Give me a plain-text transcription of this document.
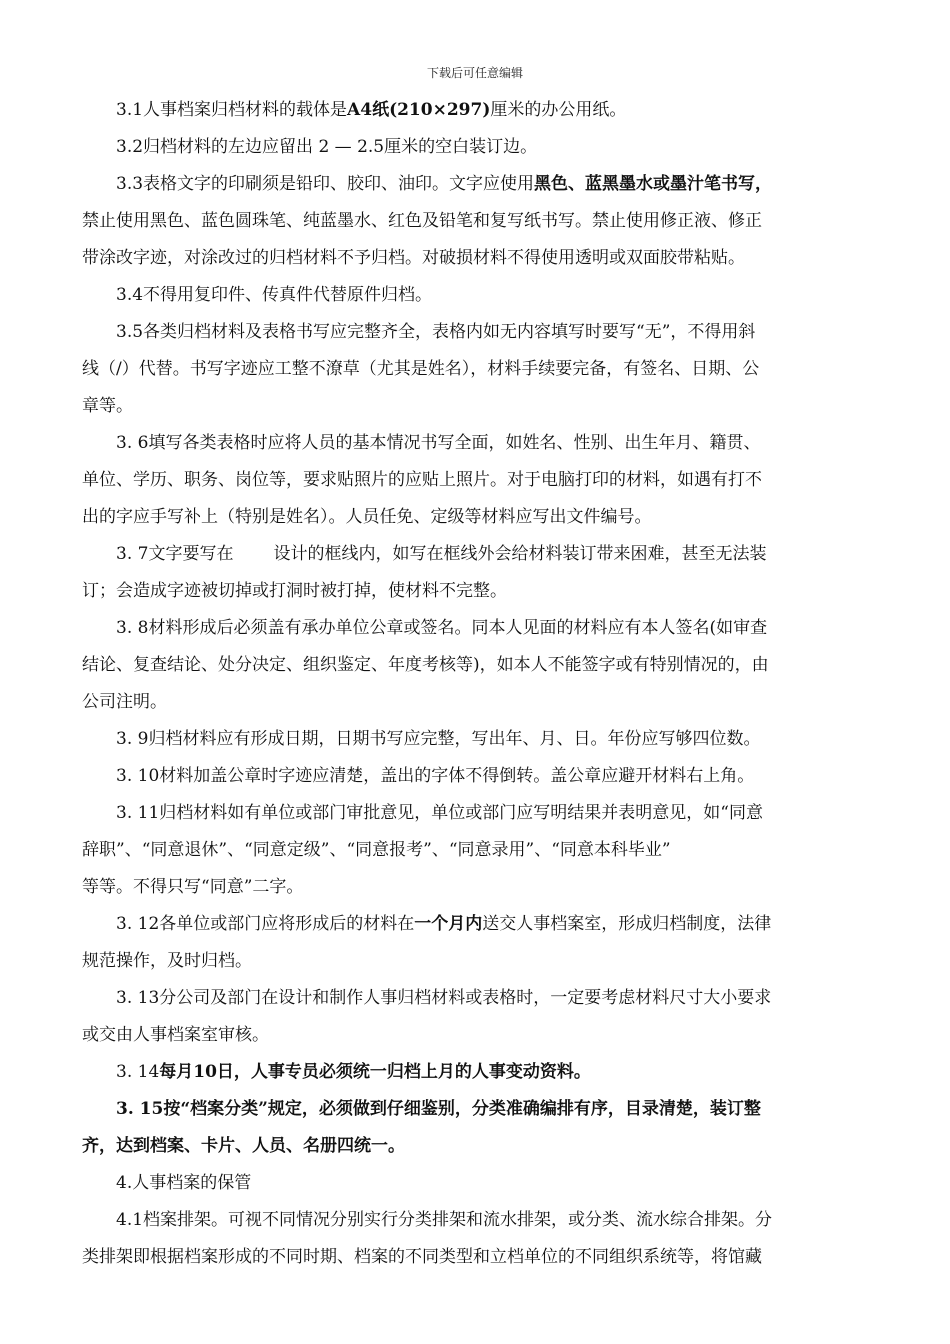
下载后可任意编辑
3.1人事档案归档材料的载体是A4纸(210×297)厘米的办公用纸。
3.2归档材料的左边应留出 2 — 2.5厘米的空白装订边。
3.3表格文字的印刷须是铅印、胶印、油印。文字应使用黑色、蓝黑墨水或墨汁笔书写，
禁止使用黑色、蓝色圆珠笔、纯蓝墨水、红色及铅笔和复写纸书写。禁止使用修正液、修正
带涂改字迹，对涂改过的归档材料不予归档。对破损材料不得使用透明或双面胶带粘贴。
3.4不得用复印件、传真件代替原件归档。
3.5各类归档材料及表格书写应完整齐全，表格内如无内容填写时要写“无”，不得用斜
线（/）代替。书写字迹应工整不潦草（尤其是姓名），材料手续要完备，有签名、日期、公
章等。
3. 6填写各类表格时应将人员的基本情况书写全面，如姓名、性别、出生年月、籍贯、
单位、学历、职务、岗位等，要求贴照片的应贴上照片。对于电脑打印的材料，如遇有打不
出的字应手写补上（特别是姓名）。人员任免、定级等材料应写出文件编号。
3. 7文字要写在 设计的框线内，如写在框线外会给材料装订带来困难，甚至无法装
订；会造成字迹被切掉或打洞时被打掉，使材料不完整。
3. 8材料形成后必须盖有承办单位公章或签名。同本人见面的材料应有本人签名(如审查
结论、复查结论、处分决定、组织鉴定、年度考核等)，如本人不能签字或有特别情况的，由
公司注明。
3. 9归档材料应有形成日期，日期书写应完整，写出年、月、日。年份应写够四位数。
3. 10材料加盖公章时字迹应清楚，盖出的字体不得倒转。盖公章应避开材料右上角。
3. 11归档材料如有单位或部门审批意见，单位或部门应写明结果并表明意见，如“同意
辞职”、“同意退休”、“同意定级”、“同意报考”、“同意录用”、“同意本科毕业”
等等。不得只写“同意”二字。
3. 12各单位或部门应将形成后的材料在一个月内送交人事档案室，形成归档制度，法律
规范操作，及时归档。
3. 13分公司及部门在设计和制作人事归档材料或表格时，一定要考虑材料尺寸大小要求
或交由人事档案室审核。
3. 14每月10日，人事专员必须统一归档上月的人事变动资料。
3. 15按“档案分类”规定，必须做到仔细鉴别，分类准确编排有序，目录清楚，装订整
齐，达到档案、卡片、人员、名册四统一。
4.人事档案的保管
4.1档案排架。可视不同情况分别实行分类排架和流水排架，或分类、流水综合排架。分
类排架即根据档案形成的不同时期、档案的不同类型和立档单位的不同组织系统等，将馆藏
